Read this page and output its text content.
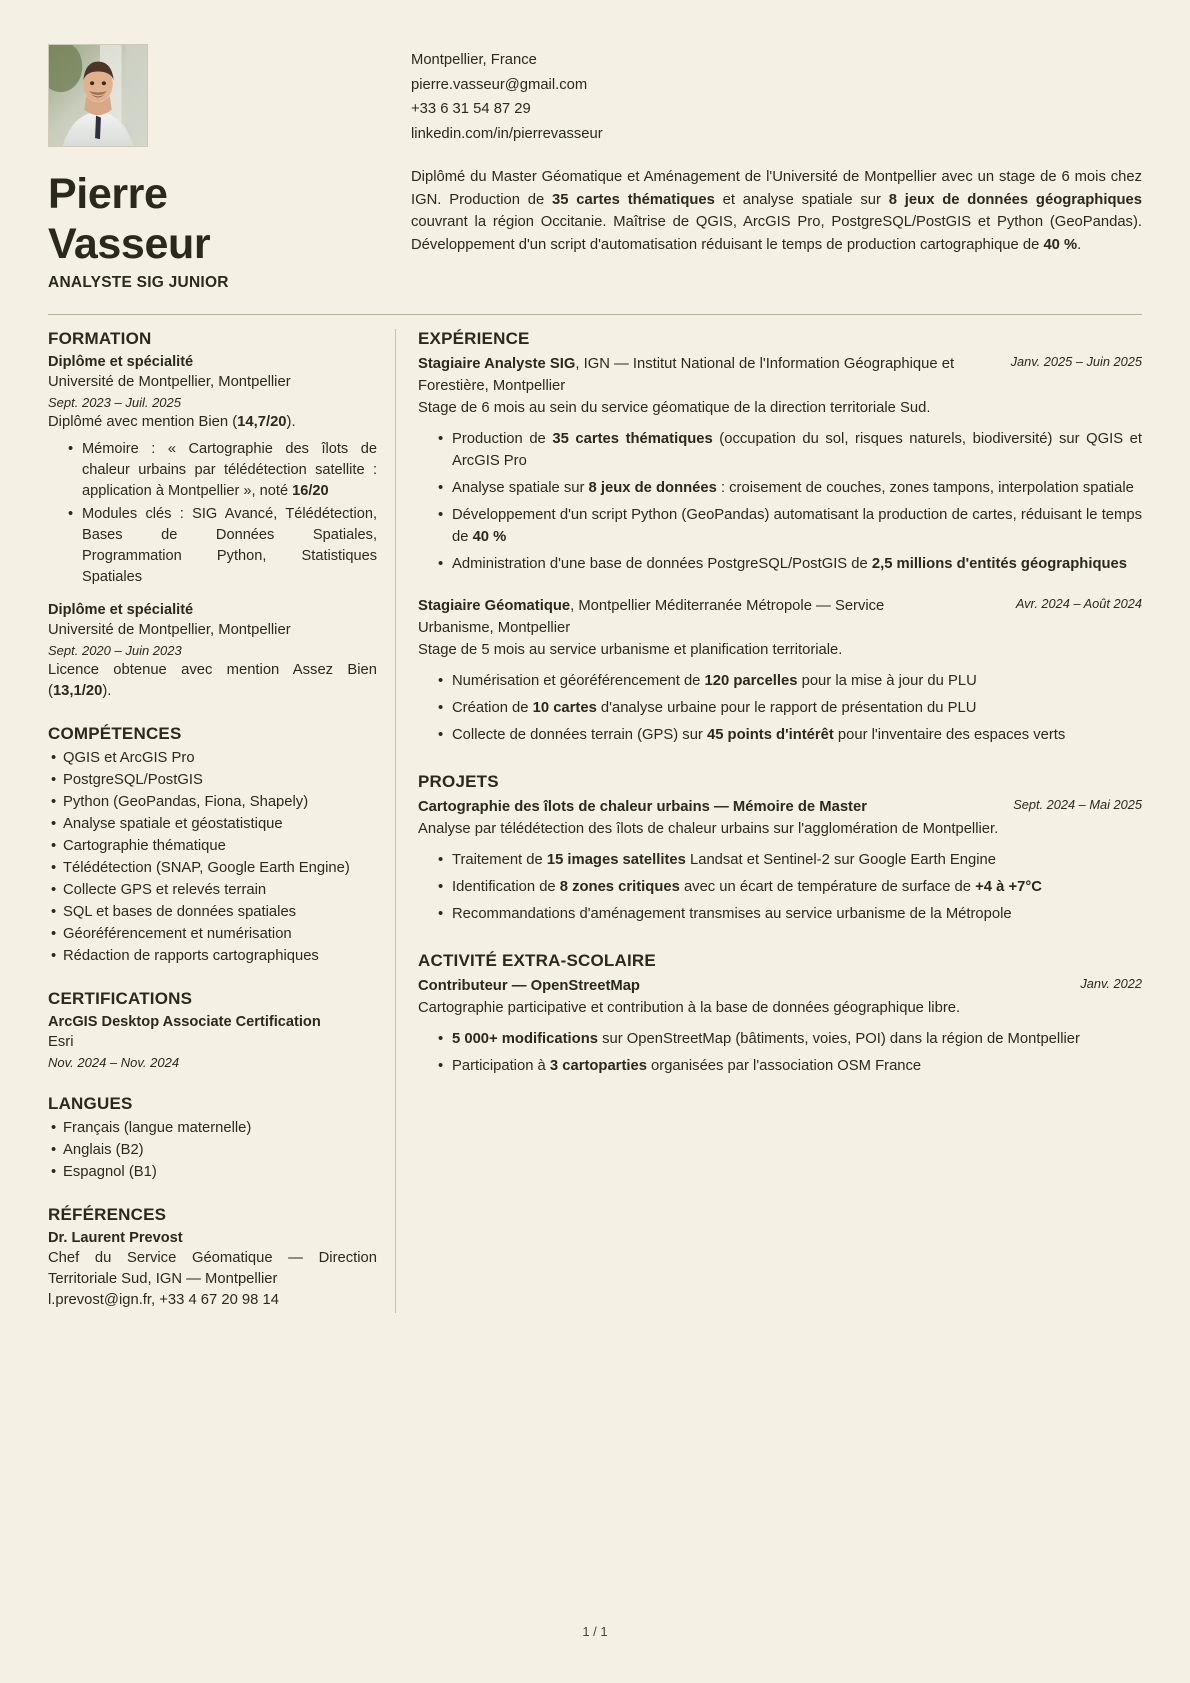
Pierre
Vasseur
ANALYSTE SIG JUNIOR
Montpellier, France
pierre.vasseur@gmail.com
+33 6 31 54 87 29
linkedin.com/in/pierrevasseur
Diplômé du Master Géomatique et Aménagement de l'Université de Montpellier avec un stage de 6 mois chez IGN. Production de 35 cartes thématiques et analyse spatiale sur 8 jeux de données géographiques couvrant la région Occitanie. Maîtrise de QGIS, ArcGIS Pro, PostgreSQL/PostGIS et Python (GeoPandas). Développement d'un script d'automatisation réduisant le temps de production cartographique de 40 %.
FORMATION
Diplôme et spécialité
Université de Montpellier, Montpellier
Sept. 2023 – Juil. 2025
Diplômé avec mention Bien (14,7/20).
• Mémoire : « Cartographie des îlots de chaleur urbains par télédétection satellite : application à Montpellier », noté 16/20
• Modules clés : SIG Avancé, Télédétection, Bases de Données Spatiales, Programmation Python, Statistiques Spatiales
Diplôme et spécialité
Université de Montpellier, Montpellier
Sept. 2020 – Juin 2023
Licence obtenue avec mention Assez Bien (13,1/20).
COMPÉTENCES
• QGIS et ArcGIS Pro
• PostgreSQL/PostGIS
• Python (GeoPandas, Fiona, Shapely)
• Analyse spatiale et géostatistique
• Cartographie thématique
• Télédétection (SNAP, Google Earth Engine)
• Collecte GPS et relevés terrain
• SQL et bases de données spatiales
• Géoréférencement et numérisation
• Rédaction de rapports cartographiques
CERTIFICATIONS
ArcGIS Desktop Associate Certification
Esri
Nov. 2024 – Nov. 2024
LANGUES
• Français (langue maternelle)
• Anglais (B2)
• Espagnol (B1)
RÉFÉRENCES
Dr. Laurent Prevost
Chef du Service Géomatique — Direction Territoriale Sud, IGN — Montpellier
l.prevost@ign.fr, +33 4 67 20 98 14
EXPÉRIENCE
Stagiaire Analyste SIG, IGN — Institut National de l'Information Géographique et Forestière, Montpellier
Janv. 2025 – Juin 2025
Stage de 6 mois au sein du service géomatique de la direction territoriale Sud.
• Production de 35 cartes thématiques (occupation du sol, risques naturels, biodiversité) sur QGIS et ArcGIS Pro
• Analyse spatiale sur 8 jeux de données : croisement de couches, zones tampons, interpolation spatiale
• Développement d'un script Python (GeoPandas) automatisant la production de cartes, réduisant le temps de 40 %
• Administration d'une base de données PostgreSQL/PostGIS de 2,5 millions d'entités géographiques
Stagiaire Géomatique, Montpellier Méditerranée Métropole — Service Urbanisme, Montpellier
Avr. 2024 – Août 2024
Stage de 5 mois au service urbanisme et planification territoriale.
• Numérisation et géoréférencement de 120 parcelles pour la mise à jour du PLU
• Création de 10 cartes d'analyse urbaine pour le rapport de présentation du PLU
• Collecte de données terrain (GPS) sur 45 points d'intérêt pour l'inventaire des espaces verts
PROJETS
Cartographie des îlots de chaleur urbains — Mémoire de Master	Sept. 2024 – Mai 2025
Analyse par télédétection des îlots de chaleur urbains sur l'agglomération de Montpellier.
• Traitement de 15 images satellites Landsat et Sentinel-2 sur Google Earth Engine
• Identification de 8 zones critiques avec un écart de température de surface de +4 à +7°C
• Recommandations d'aménagement transmises au service urbanisme de la Métropole
ACTIVITÉ EXTRA-SCOLAIRE
Contributeur — OpenStreetMap	Janv. 2022
Cartographie participative et contribution à la base de données géographique libre.
• 5 000+ modifications sur OpenStreetMap (bâtiments, voies, POI) dans la région de Montpellier
• Participation à 3 cartoparties organisées par l'association OSM France
1 / 1
